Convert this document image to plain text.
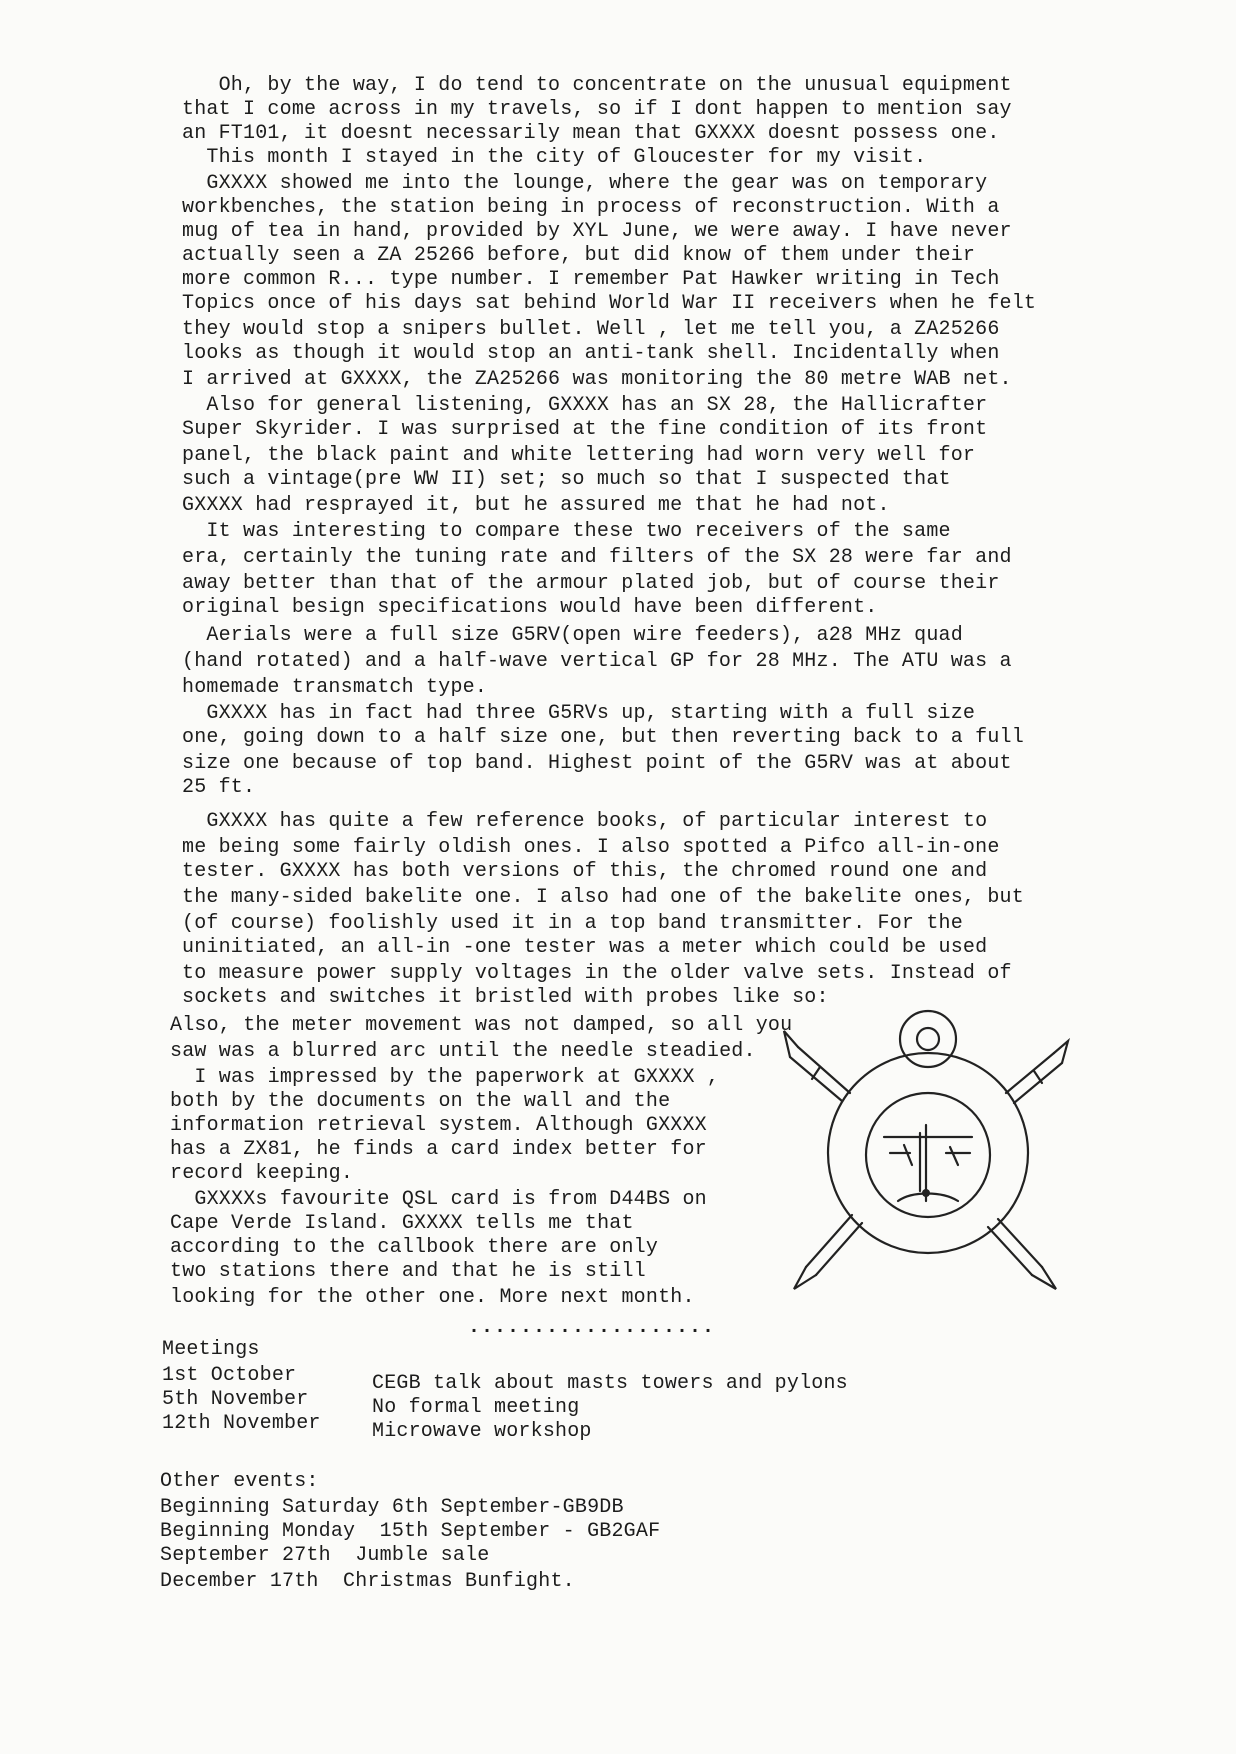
Oh, by the way, I do tend to concentrate on the unusual equipment
that I come across in my travels, so if I dont happen to mention say
an FT101, it doesnt necessarily mean that GXXXX doesnt possess one.
This month I stayed in the city of Gloucester for my visit.
GXXXX showed me into the lounge, where the gear was on temporary
workbenches, the station being in process of reconstruction. With a
mug of tea in hand, provided by XYL June, we were away. I have never
actually seen a ZA 25266 before, but did know of them under their
more common R... type number. I remember Pat Hawker writing in Tech
Topics once of his days sat behind World War II receivers when he felt
they would stop a snipers bullet. Well , let me tell you, a ZA25266
looks as though it would stop an anti-tank shell. Incidentally when
I arrived at GXXXX, the ZA25266 was monitoring the 80 metre WAB net.
Also for general listening, GXXXX has an SX 28, the Hallicrafter
Super Skyrider. I was surprised at the fine condition of its front
panel, the black paint and white lettering had worn very well for
such a vintage(pre WW II) set; so much so that I suspected that
GXXXX had resprayed it, but he assured me that he had not.
It was interesting to compare these two receivers of the same
era, certainly the tuning rate and filters of the SX 28 were far and
away better than that of the armour plated job, but of course their
original besign specifications would have been different.
Aerials were a full size G5RV(open wire feeders), a28 MHz quad
(hand rotated) and a half-wave vertical GP for 28 MHz. The ATU was a
homemade transmatch type.
GXXXX has in fact had three G5RVs up, starting with a full size
one, going down to a half size one, but then reverting back to a full
size one because of top band. Highest point of the G5RV was at about
25 ft.
GXXXX has quite a few reference books, of particular interest to
me being some fairly oldish ones. I also spotted a Pifco all-in-one
tester. GXXXX has both versions of this, the chromed round one and
the many-sided bakelite one. I also had one of the bakelite ones, but
(of course) foolishly used it in a top band transmitter. For the
uninitiated, an all-in -one tester was a meter which could be used
to measure power supply voltages in the older valve sets. Instead of
sockets and switches it bristled with probes like so:
Also, the meter movement was not damped, so all you
saw was a blurred arc until the needle steadied.
I was impressed by the paperwork at GXXXX ,
both by the documents on the wall and the
information retrieval system. Although GXXXX
has a ZX81, he finds a card index better for
record keeping.
GXXXXs favourite QSL card is from D44BS on
Cape Verde Island. GXXXX tells me that
according to the callbook there are only
two stations there and that he is still
looking for the other one. More next month.
...................
Meetings
1st October	CEGB talk about masts towers and pylons
5th November	No formal meeting
12th November	Microwave workshop
Other events:
Beginning Saturday 6th September-GB9DB
Beginning Monday  15th September - GB2GAF
September 27th  Jumble sale
December 17th  Christmas Bunfight.
